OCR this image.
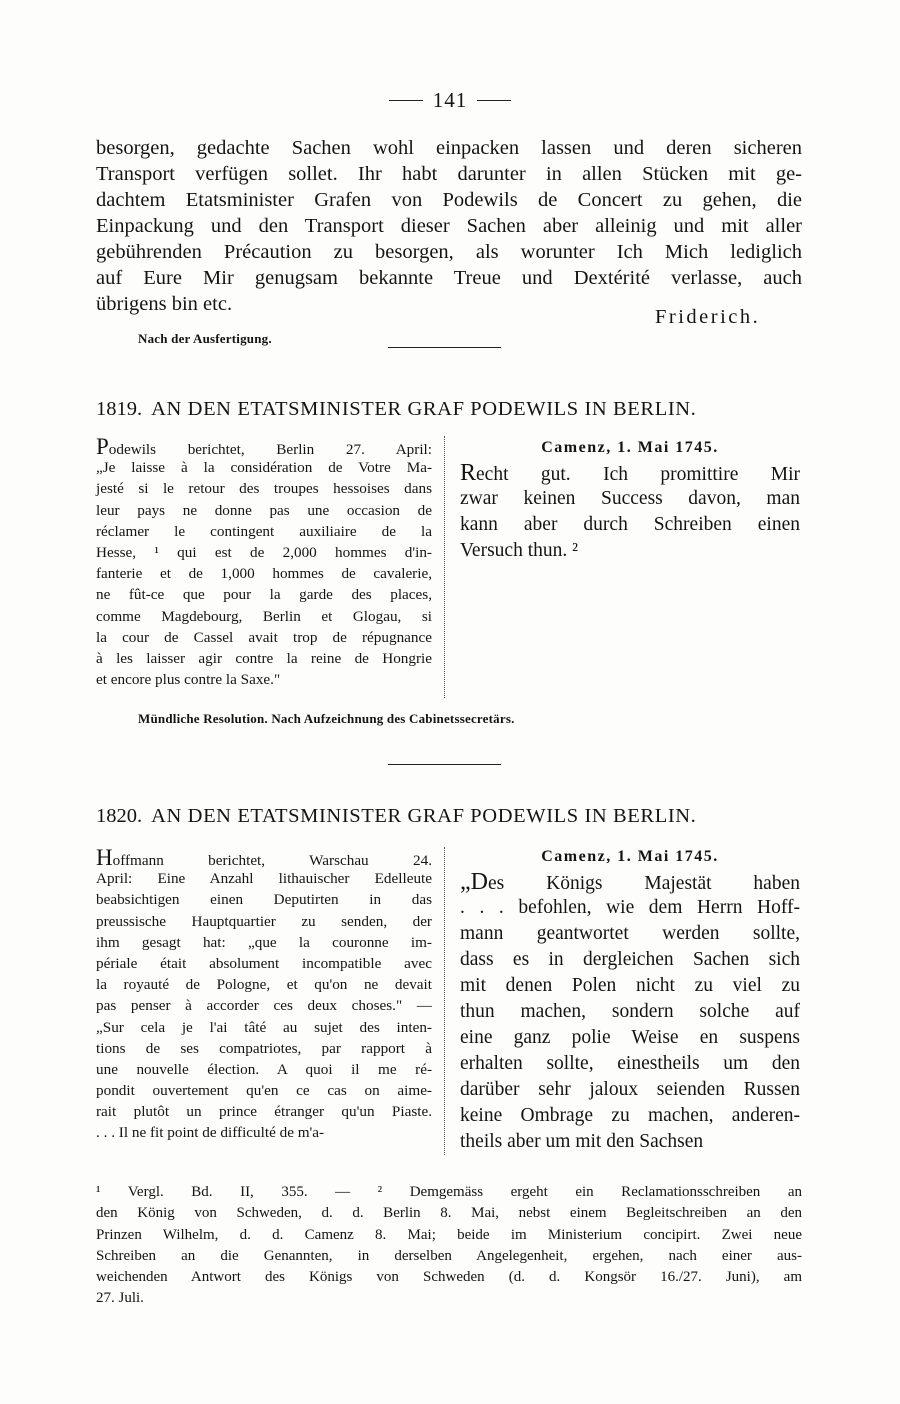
141
besorgen, gedachte Sachen wohl einpacken lassen und deren sicheren
Transport verfügen sollet. Ihr habt darunter in allen Stücken mit ge-
dachtem Etatsminister Grafen von Podewils de Concert zu gehen, die
Einpackung und den Transport dieser Sachen aber alleinig und mit aller
gebührenden Précaution zu besorgen, als worunter Ich Mich lediglich
auf Eure Mir genugsam bekannte Treue und Dextérité verlasse, auch
übrigens bin etc.
Friderich.
Nach der Ausfertigung.
1819. AN DEN ETATSMINISTER GRAF PODEWILS IN BERLIN.
Podewils berichtet, Berlin 27. April:
„Je laisse à la considération de Votre Ma-
jesté si le retour des troupes hessoises dans
leur pays ne donne pas une occasion de
réclamer le contingent auxiliaire de la
Hesse, ¹ qui est de 2,000 hommes d'in-
fanterie et de 1,000 hommes de cavalerie,
ne fût-ce que pour la garde des places,
comme Magdebourg, Berlin et Glogau, si
la cour de Cassel avait trop de répugnance
à les laisser agir contre la reine de Hongrie
et encore plus contre la Saxe."
Camenz, 1. Mai 1745.
Recht gut. Ich promittire Mir
zwar keinen Success davon, man
kann aber durch Schreiben einen
Versuch thun. ²
Mündliche Resolution. Nach Aufzeichnung des Cabinetssecretärs.
1820. AN DEN ETATSMINISTER GRAF PODEWILS IN BERLIN.
Hoffmann berichtet, Warschau 24.
April: Eine Anzahl lithauischer Edelleute
beabsichtigen einen Deputirten in das
preussische Hauptquartier zu senden, der
ihm gesagt hat: „que la couronne im-
périale était absolument incompatible avec
la royauté de Pologne, et qu'on ne devait
pas penser à accorder ces deux choses." —
„Sur cela je l'ai tâté au sujet des inten-
tions de ses compatriotes, par rapport à
une nouvelle élection. A quoi il me ré-
pondit ouvertement qu'en ce cas on aime-
rait plutôt un prince étranger qu'un Piaste.
. . . Il ne fit point de difficulté de m'a-
Camenz, 1. Mai 1745.
„Des Königs Majestät haben
. . . befohlen, wie dem Herrn Hoff-
mann geantwortet werden sollte,
dass es in dergleichen Sachen sich
mit denen Polen nicht zu viel zu
thun machen, sondern solche auf
eine ganz polie Weise en suspens
erhalten sollte, einestheils um den
darüber sehr jaloux seienden Russen
keine Ombrage zu machen, anderen-
theils aber um mit den Sachsen
¹ Vergl. Bd. II, 355. — ² Demgemäss ergeht ein Reclamationsschreiben an
den König von Schweden, d. d. Berlin 8. Mai, nebst einem Begleitschreiben an den
Prinzen Wilhelm, d. d. Camenz 8. Mai; beide im Ministerium concipirt. Zwei neue
Schreiben an die Genannten, in derselben Angelegenheit, ergehen, nach einer aus-
weichenden Antwort des Königs von Schweden (d. d. Kongsör 16./27. Juni), am
27. Juli.
